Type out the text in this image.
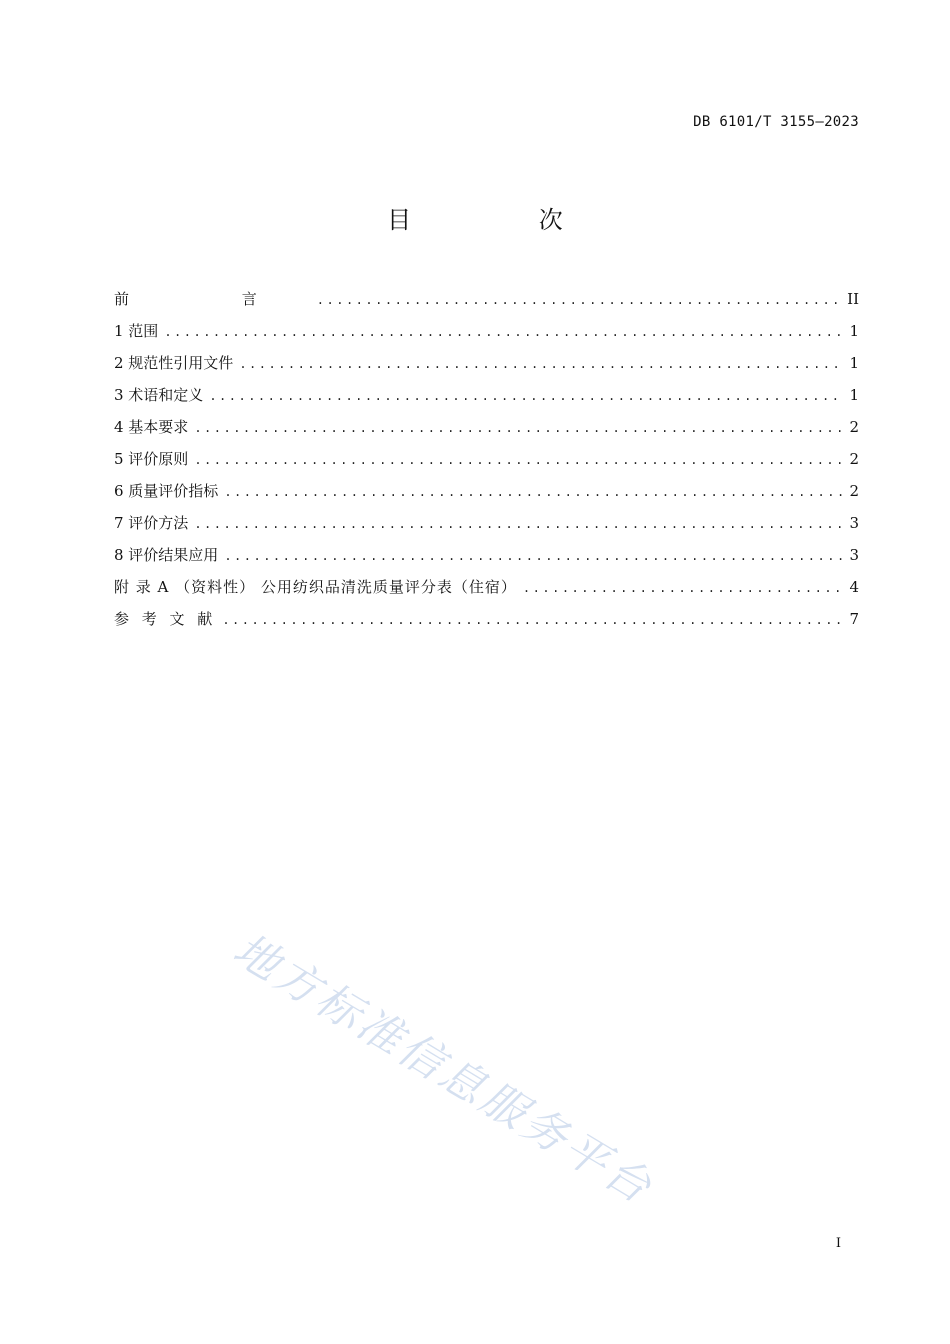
DB 6101/T 3155—2023
目 次
前 言 .....	II
1 范围 .....	1
2 规范性引用文件 .....	1
3 术语和定义 .....	1
4 基本要求 .....	2
5 评价原则 .....	2
6 质量评价指标 .....	2
7 评价方法 .....	3
8 评价结果应用 .....	3
附 录 A （资料性） 公用纺织品清洗质量评分表（住宿） .....	4
参 考 文 献 .....	7
地方标准信息服务平台
I
